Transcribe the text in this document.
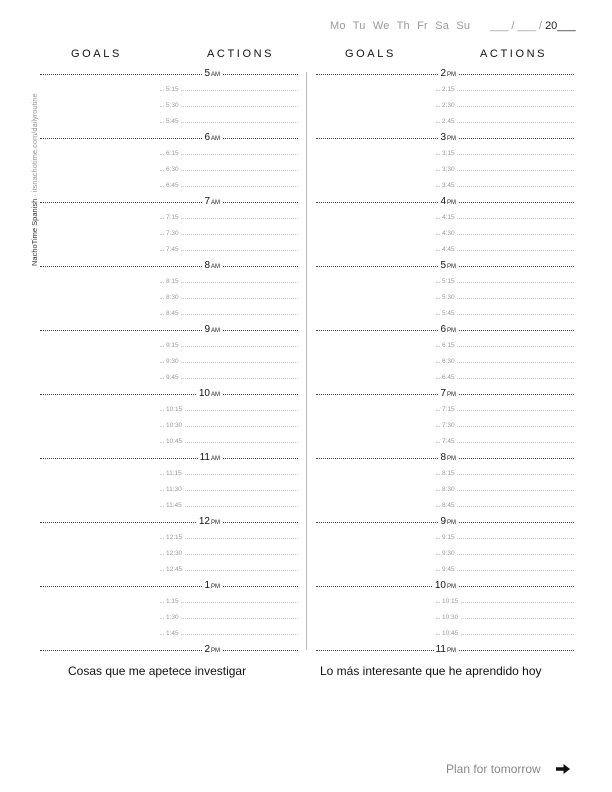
Mo Tu We Th Fr Sa Su	___ / ___ / 20___
GOALS	ACTIONS	GOALS	ACTIONS
NachoTime Spanish · itsnachotime.com/dailyroutine
5AM
5:15
5:30
5:45
6AM
6:15
6:30
6:45
7AM
7:15
7:30
7:45
8AM
8:15
8:30
8:45
9AM
9:15
9:30
9:45
10AM
10:15
10:30
10:45
11AM
11:15
11:30
11:45
12PM
12:15
12:30
12:45
1PM
1:15
1:30
1:45
2PM
2PM
2:15
2:30
2:45
3PM
3:15
3:30
3:45
4PM
4:15
4:30
4:45
5PM
5:15
5:30
5:45
6PM
6:15
6:30
6:45
7PM
7:15
7:30
7:45
8PM
8:15
8:30
8:45
9PM
9:15
9:30
9:45
10PM
10:15
10:30
10:45
11PM
Cosas que me apetece investigar	Lo más interesante que he aprendido hoy
Plan for tomorrow
